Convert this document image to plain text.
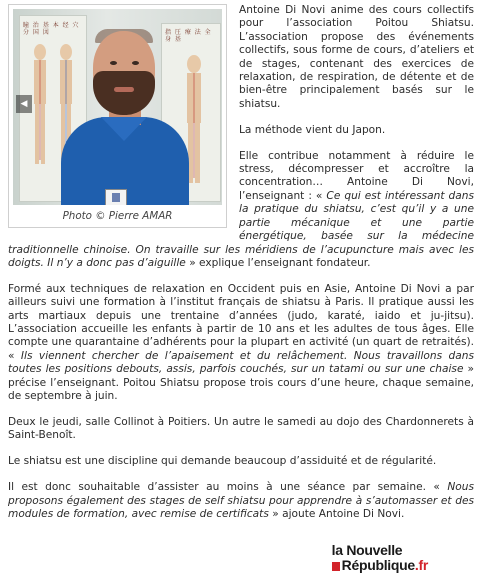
瞳 治 基 本 经 穴 分 国 図	指 圧 療 法 全 身 基
◀
Photo © Pierre AMAR

Antoine Di Novi anime des cours collectifs pour l’association Poitou Shiatsu. L’association propose des événements collectifs, sous forme de cours, d’ateliers et de stages, contenant des exercices de relaxation, de respiration, de détente et de bien-être principalement basés sur le shiatsu.

La méthode vient du Japon.

Elle contribue notamment à réduire le stress, décompresser et accroître la concentration… Antoine Di Novi, l’enseignant : « Ce qui est intéressant dans la pratique du shiatsu, c’est qu’il y a une partie mécanique et une partie énergétique, basée sur la médecine traditionnelle chinoise. On travaille sur les méridiens de l’acupuncture mais avec les doigts. Il n’y a donc pas d’aiguille » explique l’enseignant fondateur.

Formé aux techniques de relaxation en Occident puis en Asie, Antoine Di Novi a par ailleurs suivi une formation à l’institut français de shiatsu à Paris. Il pratique aussi les arts martiaux depuis une trentaine d’années (judo, karaté, iaido et ju-jitsu). L’association accueille les enfants à partir de 10 ans et les adultes de tous âges. Elle compte une quarantaine d’adhérents pour la plupart en activité (un quart de retraités). « Ils viennent chercher de l’apaisement et du relâchement. Nous travaillons dans toutes les positions debouts, assis, parfois couchés, sur un tatami ou sur une chaise » précise l’enseignant. Poitou Shiatsu propose trois cours d’une heure, chaque semaine, de septembre à juin.

Deux le jeudi, salle Collinot à Poitiers. Un autre le samedi au dojo des Chardonnerets à Saint-Benoît.

Le shiatsu est une discipline qui demande beaucoup d’assiduité et de régularité.

Il est donc souhaitable d’assister au moins à une séance par semaine. « Nous proposons également des stages de self shiatsu pour apprendre à s’automasser et des modules de formation, avec remise de certificats » ajoute Antoine Di Novi.

la Nouvelle
République.fr
